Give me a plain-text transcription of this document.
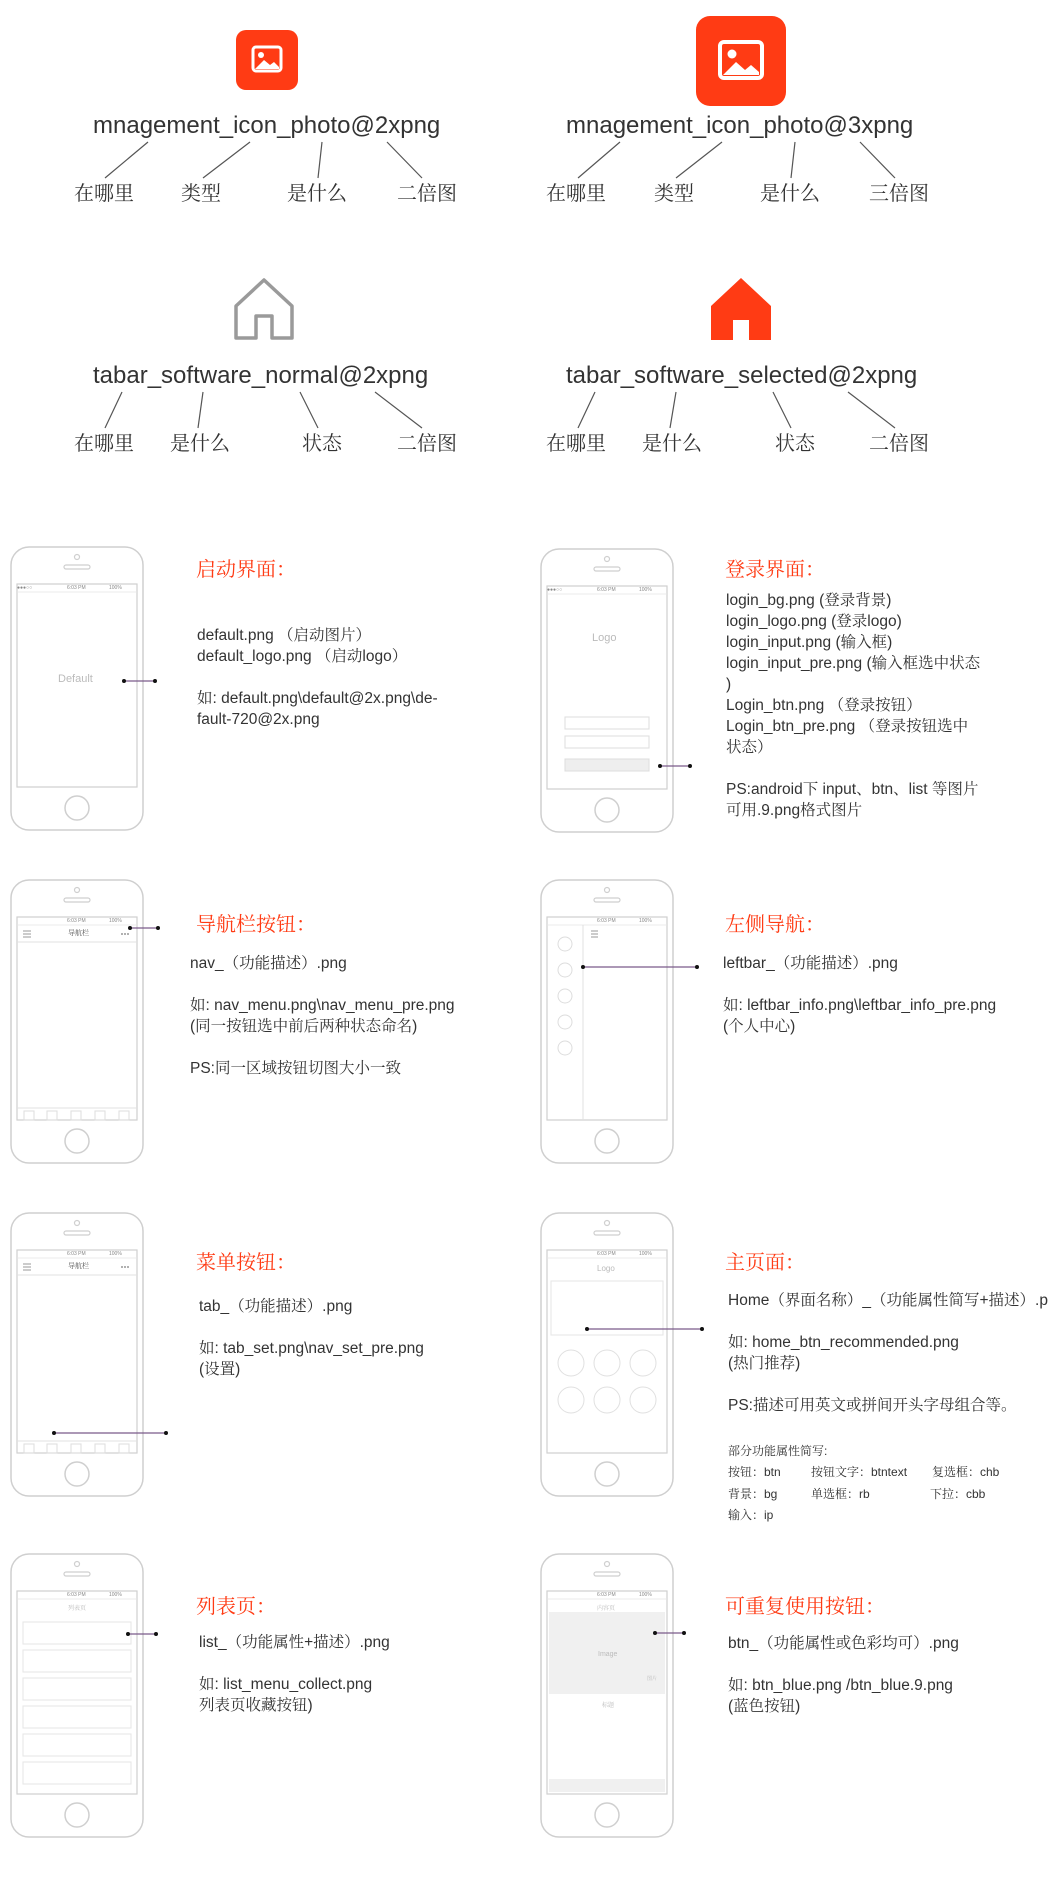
mnagement_icon_photo@2xpng
在哪里 类型	是什么	二倍图
mnagement_icon_photo@3xpng
在哪里 类型	是什么 三倍图
tabar_software_normal@2xpng
在哪里 是什么	状态	二倍图
tabar_software_selected@2xpng
在哪里 是什么	状态	二倍图
●●●○○	6:03 PM	100%
Default
●●●○○	6:03 PM	100%
Logo
6:03 PM	100%
导航栏
6:03 PM	100%
6:03 PM	100%
导航栏
6:03 PM	100%
Logo
6:03 PM	100%
列表页
6:03 PM	100%
内容页
Image
图片
标题
启动界面：
default.png （启动图片）
default_logo.png （启动logo）

如: default.png\default@2x.png\de-
fault-720@2x.png
登录界面：
login_bg.png (登录背景)
login_logo.png (登录logo)
login_input.png (输入框)
login_input_pre.png (输入框选中状态
)
Login_btn.png （登录按钮）
Login_btn_pre.png （登录按钮选中
状态）

PS:android下 input、btn、list 等图片
可用.9.png格式图片
导航栏按钮：
nav_（功能描述）.png

如: nav_menu.png\nav_menu_pre.png
(同一按钮选中前后两种状态命名)

PS:同一区域按钮切图大小一致
左侧导航：
leftbar_（功能描述）.png

如: leftbar_info.png\leftbar_info_pre.png
(个人中心)
菜单按钮：
tab_（功能描述）.png

如: tab_set.png\nav_set_pre.png
(设置)
主页面：
Home（界面名称）_（功能属性简写+描述）.p

如: home_btn_recommended.png
(热门推荐)

PS:描述可用英文或拼间开头字母组合等。
部分功能属性简写:
按钮：btn	按钮文字：btntext 复选框：chb
背景：bg	单选框：rb	下拉：cbb
输入：ip
列表页：
list_（功能属性+描述）.png

如: list_menu_collect.png
列表页收藏按钮)
可重复使用按钮：
btn_（功能属性或色彩均可）.png

如: btn_blue.png /btn_blue.9.png
(蓝色按钮)
